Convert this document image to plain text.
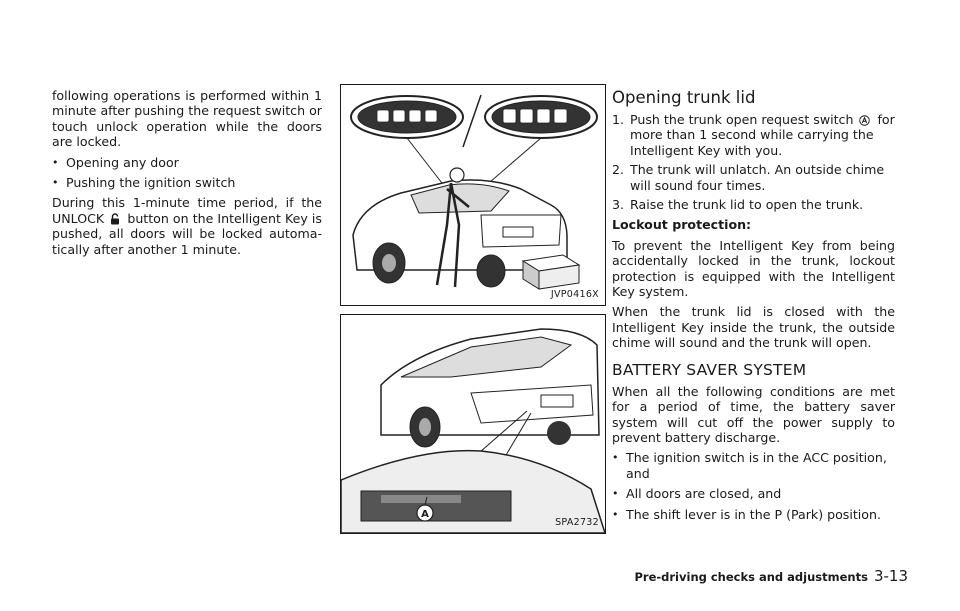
following operations is performed within 1 minute after pushing the request switch or touch unlock operation while the doors are locked.

• Opening any door

• Pushing the ignition switch

During this 1-minute time period, if the UNLOCK button on the Intelligent Key is pushed, all doors will be locked automa-tically after another 1 minute.

JVP0416X
A
SPA2732

Opening trunk lid

1. Push the trunk open request switch for more than 1 second while carrying the Intelligent Key with you.

2. The trunk will unlatch. An outside chime will sound four times.

3. Raise the trunk lid to open the trunk.

Lockout protection:

To prevent the Intelligent Key from being accidentally locked in the trunk, lockout protection is equipped with the Intelligent Key system.

When the trunk lid is closed with the Intelligent Key inside the trunk, the outside chime will sound and the trunk will open.

BATTERY SAVER SYSTEM

When all the following conditions are met for a period of time, the battery saver system will cut off the power supply to prevent battery discharge.

• The ignition switch is in the ACC position, and

• All doors are closed, and

• The shift lever is in the P (Park) position.

Pre-driving checks and adjustments 3-13
